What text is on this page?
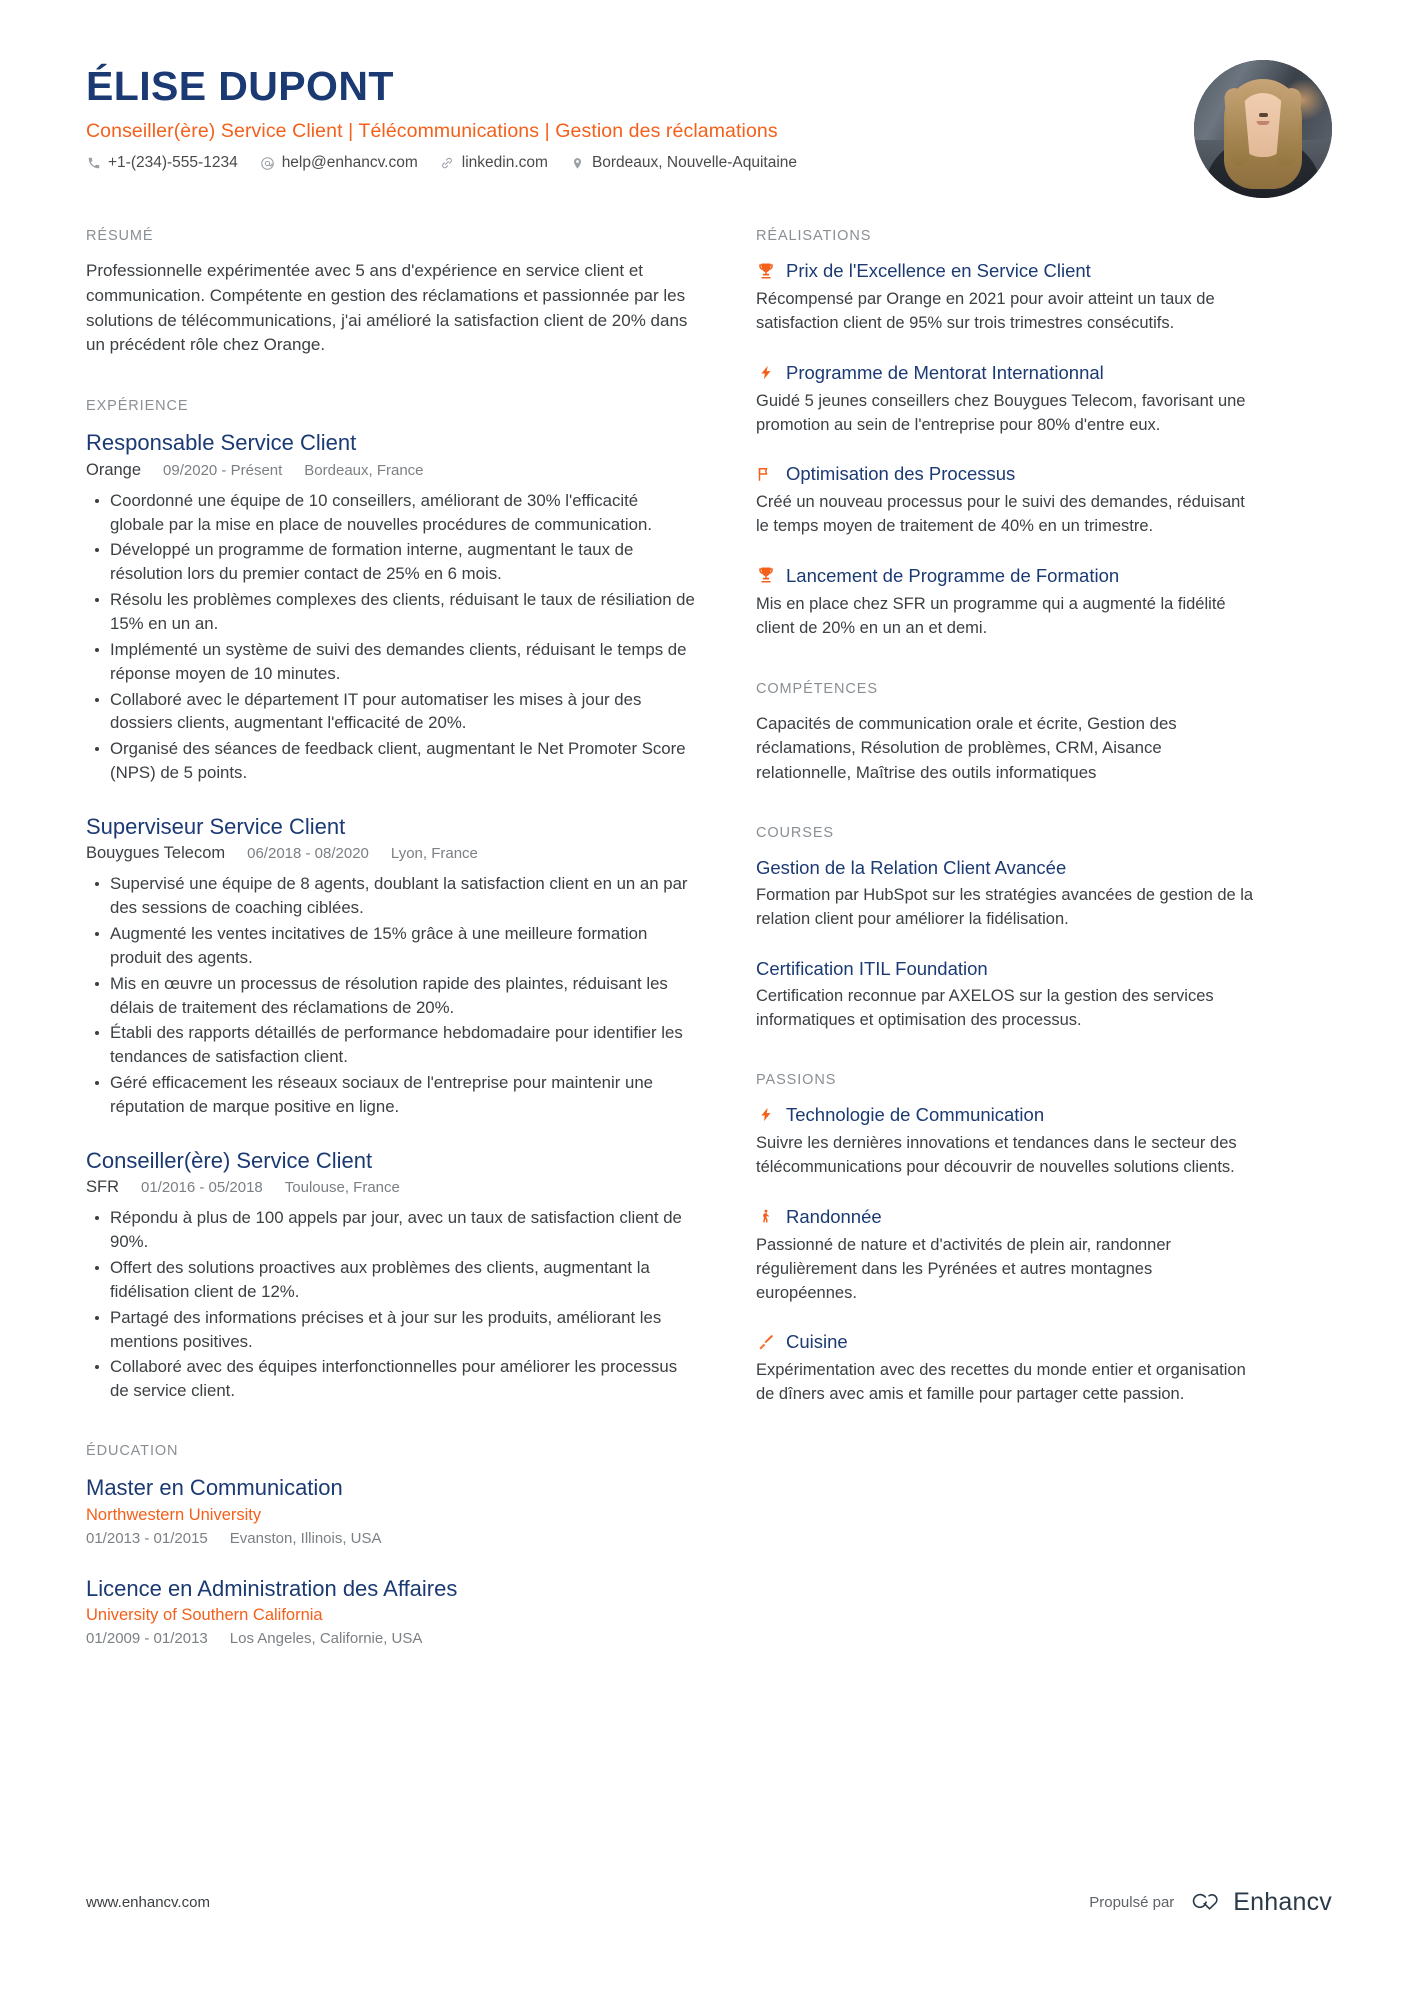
ÉLISE DUPONT
Conseiller(ère) Service Client | Télécommunications | Gestion des réclamations
+1-(234)-555-1234	help@enhancv.com	linkedin.com	Bordeaux, Nouvelle-Aquitaine
RÉSUMÉ
Professionnelle expérimentée avec 5 ans d'expérience en service client et communication. Compétente en gestion des réclamations et passionnée par les solutions de télécommunications, j'ai amélioré la satisfaction client de 20% dans un précédent rôle chez Orange.
EXPÉRIENCE
Responsable Service Client
Orange 09/2020 - Présent Bordeaux, France
Coordonné une équipe de 10 conseillers, améliorant de 30% l'efficacité globale par la mise en place de nouvelles procédures de communication.
Développé un programme de formation interne, augmentant le taux de résolution lors du premier contact de 25% en 6 mois.
Résolu les problèmes complexes des clients, réduisant le taux de résiliation de 15% en un an.
Implémenté un système de suivi des demandes clients, réduisant le temps de réponse moyen de 10 minutes.
Collaboré avec le département IT pour automatiser les mises à jour des dossiers clients, augmentant l'efficacité de 20%.
Organisé des séances de feedback client, augmentant le Net Promoter Score (NPS) de 5 points.
Superviseur Service Client
Bouygues Telecom 06/2018 - 08/2020 Lyon, France
Supervisé une équipe de 8 agents, doublant la satisfaction client en un an par des sessions de coaching ciblées.
Augmenté les ventes incitatives de 15% grâce à une meilleure formation produit des agents.
Mis en œuvre un processus de résolution rapide des plaintes, réduisant les délais de traitement des réclamations de 20%.
Établi des rapports détaillés de performance hebdomadaire pour identifier les tendances de satisfaction client.
Géré efficacement les réseaux sociaux de l'entreprise pour maintenir une réputation de marque positive en ligne.
Conseiller(ère) Service Client
SFR 01/2016 - 05/2018 Toulouse, France
Répondu à plus de 100 appels par jour, avec un taux de satisfaction client de 90%.
Offert des solutions proactives aux problèmes des clients, augmentant la fidélisation client de 12%.
Partagé des informations précises et à jour sur les produits, améliorant les mentions positives.
Collaboré avec des équipes interfonctionnelles pour améliorer les processus de service client.
ÉDUCATION
Master en Communication
Northwestern University
01/2013 - 01/2015 Evanston, Illinois, USA
Licence en Administration des Affaires
University of Southern California
01/2009 - 01/2013 Los Angeles, Californie, USA
RÉALISATIONS
Prix de l'Excellence en Service Client
Récompensé par Orange en 2021 pour avoir atteint un taux de satisfaction client de 95% sur trois trimestres consécutifs.
Programme de Mentorat Internationnal
Guidé 5 jeunes conseillers chez Bouygues Telecom, favorisant une promotion au sein de l'entreprise pour 80% d'entre eux.
Optimisation des Processus
Créé un nouveau processus pour le suivi des demandes, réduisant le temps moyen de traitement de 40% en un trimestre.
Lancement de Programme de Formation
Mis en place chez SFR un programme qui a augmenté la fidélité client de 20% en un an et demi.
COMPÉTENCES
Capacités de communication orale et écrite, Gestion des réclamations, Résolution de problèmes, CRM, Aisance relationnelle, Maîtrise des outils informatiques
COURSES
Gestion de la Relation Client Avancée
Formation par HubSpot sur les stratégies avancées de gestion de la relation client pour améliorer la fidélisation.
Certification ITIL Foundation
Certification reconnue par AXELOS sur la gestion des services informatiques et optimisation des processus.
PASSIONS
Technologie de Communication
Suivre les dernières innovations et tendances dans le secteur des télécommunications pour découvrir de nouvelles solutions clients.
Randonnée
Passionné de nature et d'activités de plein air, randonner régulièrement dans les Pyrénées et autres montagnes européennes.
Cuisine
Expérimentation avec des recettes du monde entier et organisation de dîners avec amis et famille pour partager cette passion.
www.enhancv.com	Propulsé par Enhancv
